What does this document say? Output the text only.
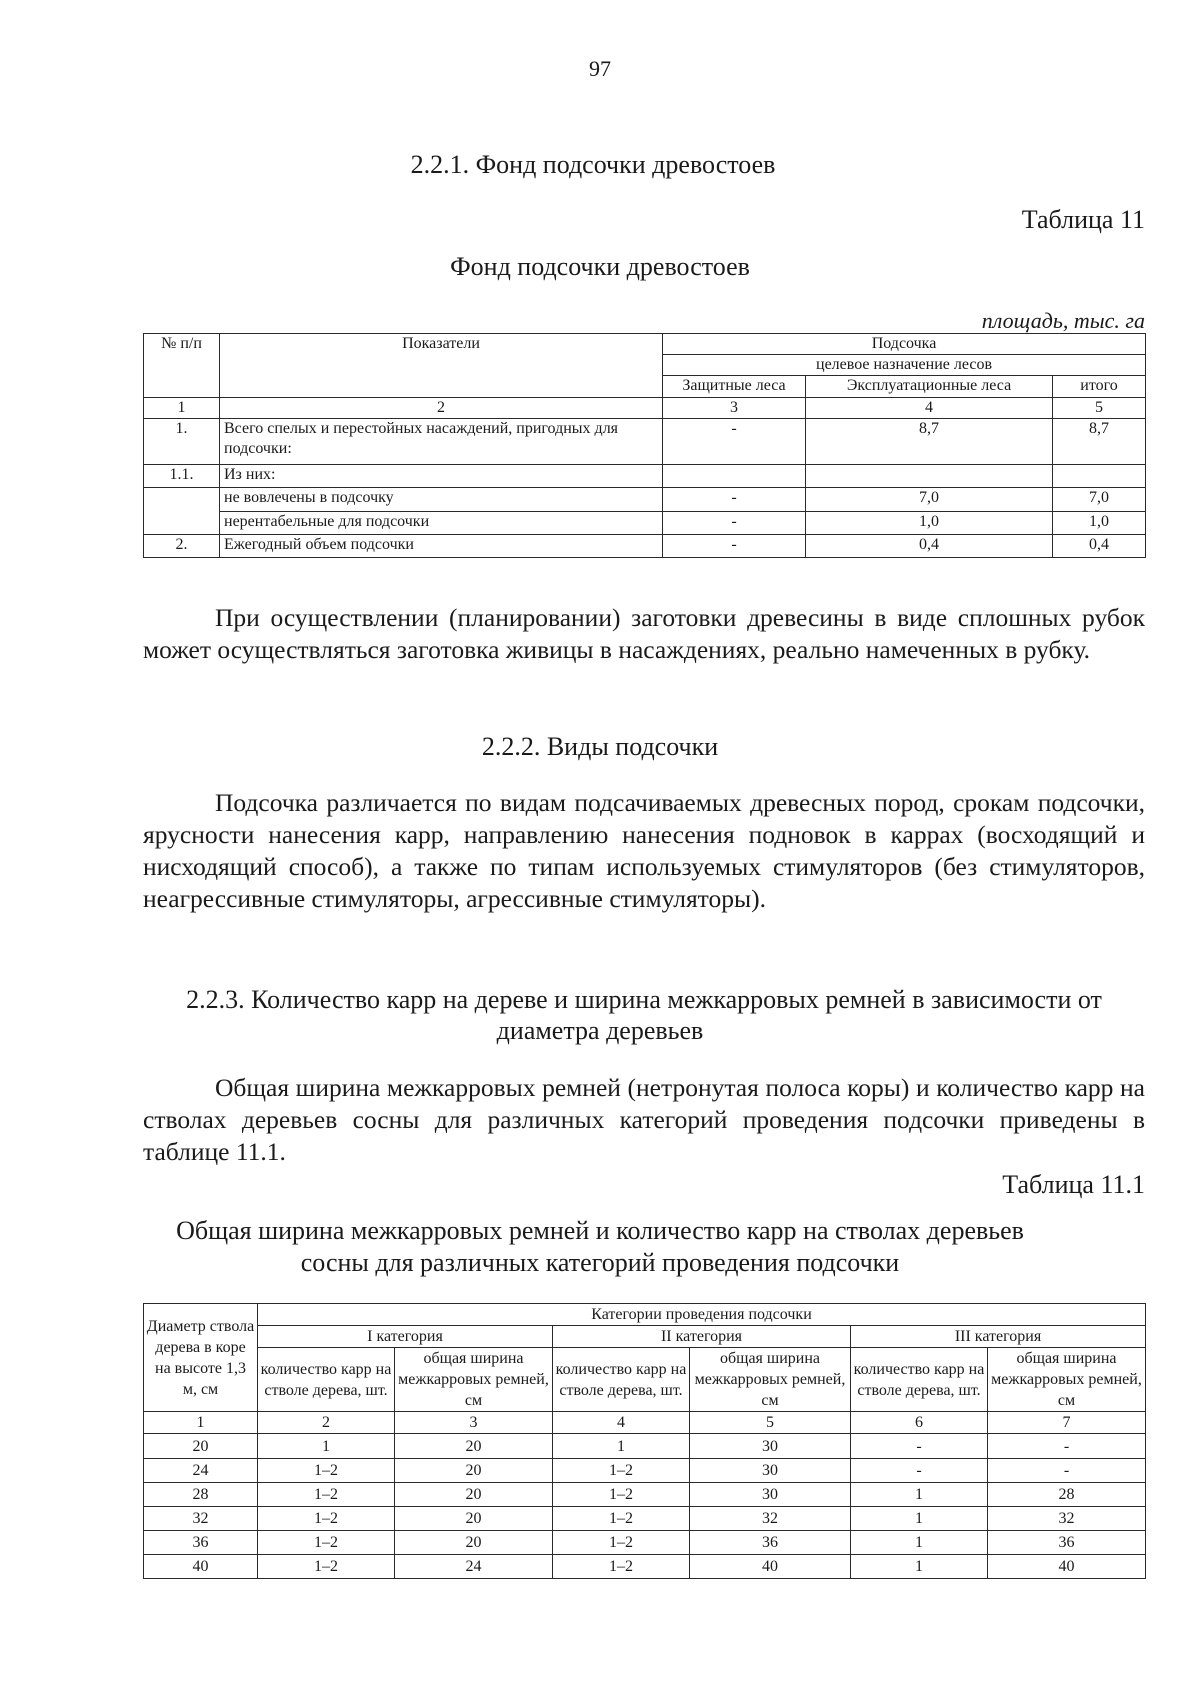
97
2.2.1. Фонд подсочки древостоев
Таблица 11
Фонд подсочки древостоев
площадь, тыс. га
№ п/п	Показатели	Подсочка		
		целевое назначение лесов		
		Защитные леса	Эксплуатационные леса	итого
1	2	3	4	5
1.	Всего спелых и перестойных насаждений, пригодных для подсочки:	-	8,7	8,7
1.1.	Из них:			
	не вовлечены в подсочку	-	7,0	7,0
	нерентабельные для подсочки	-	1,0	1,0
2.	Ежегодный объем подсочки	-	0,4	0,4

При осуществлении (планировании) заготовки древесины в виде сплошных рубок может осуществляться заготовка живицы в насаждениях, реально намеченных в рубку.

2.2.2. Виды подсочки

Подсочка различается по видам подсачиваемых древесных пород, срокам подсочки, ярусности нанесения карр, направлению нанесения подновок в каррах (восходящий и нисходящий способ), а также по типам используемых стимуляторов (без стимуляторов, неагрессивные стимуляторы, агрессивные стимуляторы).

2.2.3. Количество карр на дереве и ширина межкарровых ремней в зависимости от
диаметра деревьев

Общая ширина межкарровых ремней (нетронутая полоса коры) и количество карр на стволах деревьев сосны для различных категорий проведения подсочки приведены в таблице 11.1.

Таблица 11.1
Общая ширина межкарровых ремней и количество карр на стволах деревьев
сосны для различных категорий проведения подсочки
Диаметр ствола дерева в коре на высоте 1,3 м, см	Категории проведения подсочки					
	I категория		II категория		III категория	
	количество карр на стволе дерева, шт.	общая ширина межкарровых ремней, см	количество карр на стволе дерева, шт.	общая ширина межкарровых ремней, см	количество карр на стволе дерева, шт.	общая ширина межкарровых ремней, см
1	2	3	4	5	6	7
20	1	20	1	30	-	-
24	1–2	20	1–2	30	-	-
28	1–2	20	1–2	30	1	28
32	1–2	20	1–2	32	1	32
36	1–2	20	1–2	36	1	36
40	1–2	24	1–2	40	1	40
